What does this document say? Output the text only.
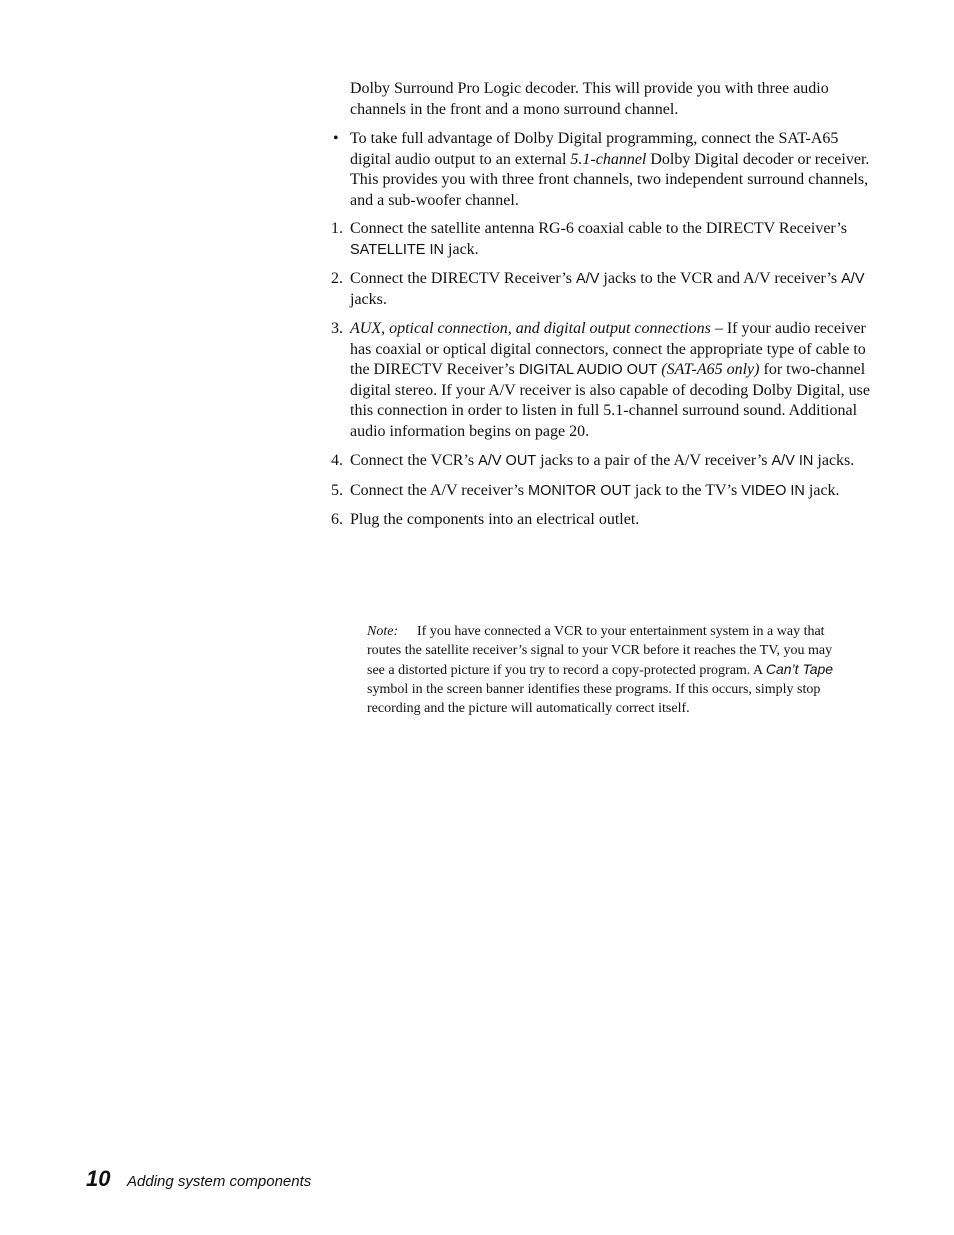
Dolby Surround Pro Logic decoder. This will provide you with three audio channels in the front and a mono surround channel.

• To take full advantage of Dolby Digital programming, connect the SAT-A65 digital audio output to an external 5.1-channel Dolby Digital decoder or receiver. This provides you with three front channels, two independent surround channels, and a sub-woofer channel.
1. Connect the satellite antenna RG-6 coaxial cable to the DIRECTV Receiver’s SATELLITE IN jack.
2. Connect the DIRECTV Receiver’s A/V jacks to the VCR and A/V receiver’s A/V jacks.
3. AUX, optical connection, and digital output connections – If your audio receiver has coaxial or optical digital connectors, connect the appropriate type of cable to the DIRECTV Receiver’s DIGITAL AUDIO OUT (SAT-A65 only) for two-channel digital stereo. If your A/V receiver is also capable of decoding Dolby Digital, use this connection in order to listen in full 5.1-channel surround sound. Additional audio information begins on page 20.
4. Connect the VCR’s A/V OUT jacks to a pair of the A/V receiver’s A/V IN jacks.
5. Connect the A/V receiver’s MONITOR OUT jack to the TV’s VIDEO IN jack.
6. Plug the components into an electrical outlet.
Note: If you have connected a VCR to your entertainment system in a way that routes the satellite receiver’s signal to your VCR before it reaches the TV, you may see a distorted picture if you try to record a copy-protected program. A Can’t Tape symbol in the screen banner identifies these programs. If this occurs, simply stop recording and the picture will automatically correct itself.
10 Adding system components
